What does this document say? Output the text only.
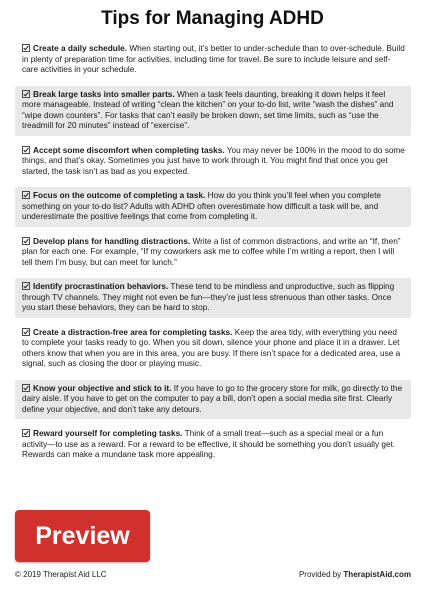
Tips for Managing ADHD
Create a daily schedule. When starting out, it’s better to under-schedule than to over-schedule. Build in plenty of preparation time for activities, including time for travel. Be sure to include leisure and self-care activities in your schedule.
Break large tasks into smaller parts. When a task feels daunting, breaking it down helps it feel more manageable. Instead of writing “clean the kitchen” on your to-do list, write “wash the dishes” and “wipe down counters”. For tasks that can’t easily be broken down, set time limits, such as “use the treadmill for 20 minutes” instead of “exercise”.
Accept some discomfort when completing tasks. You may never be 100% in the mood to do some things, and that’s okay. Sometimes you just have to work through it. You might find that once you get started, the task isn’t as bad as you expected.
Focus on the outcome of completing a task. How do you think you’ll feel when you complete something on your to-do list? Adults with ADHD often overestimate how difficult a task will be, and underestimate the positive feelings that come from completing it.
Develop plans for handling distractions. Write a list of common distractions, and write an “If, then” plan for each one. For example, “If my coworkers ask me to coffee while I’m writing a report, then I will tell them I’m busy, but can meet for lunch.”
Identify procrastination behaviors. These tend to be mindless and unproductive, such as flipping through TV channels. They might not even be fun—they’re just less strenuous than other tasks. Once you start these behaviors, they can be hard to stop.
Create a distraction-free area for completing tasks. Keep the area tidy, with everything you need to complete your tasks ready to go. When you sit down, silence your phone and place it in a drawer. Let others know that when you are in this area, you are busy. If there isn’t space for a dedicated area, use a signal, such as closing the door or playing music.
Know your objective and stick to it. If you have to go to the grocery store for milk, go directly to the dairy aisle. If you have to get on the computer to pay a bill, don’t open a social media site first. Clearly define your objective, and don’t take any detours.
Reward yourself for completing tasks. Think of a small treat—such as a special meal or a fun activity—to use as a reward. For a reward to be effective, it should be something you don’t usually get. Rewards can make a mundane task more appealing.
© 2019 Therapist Aid LLC	Provided by TherapistAid.com
Preview
